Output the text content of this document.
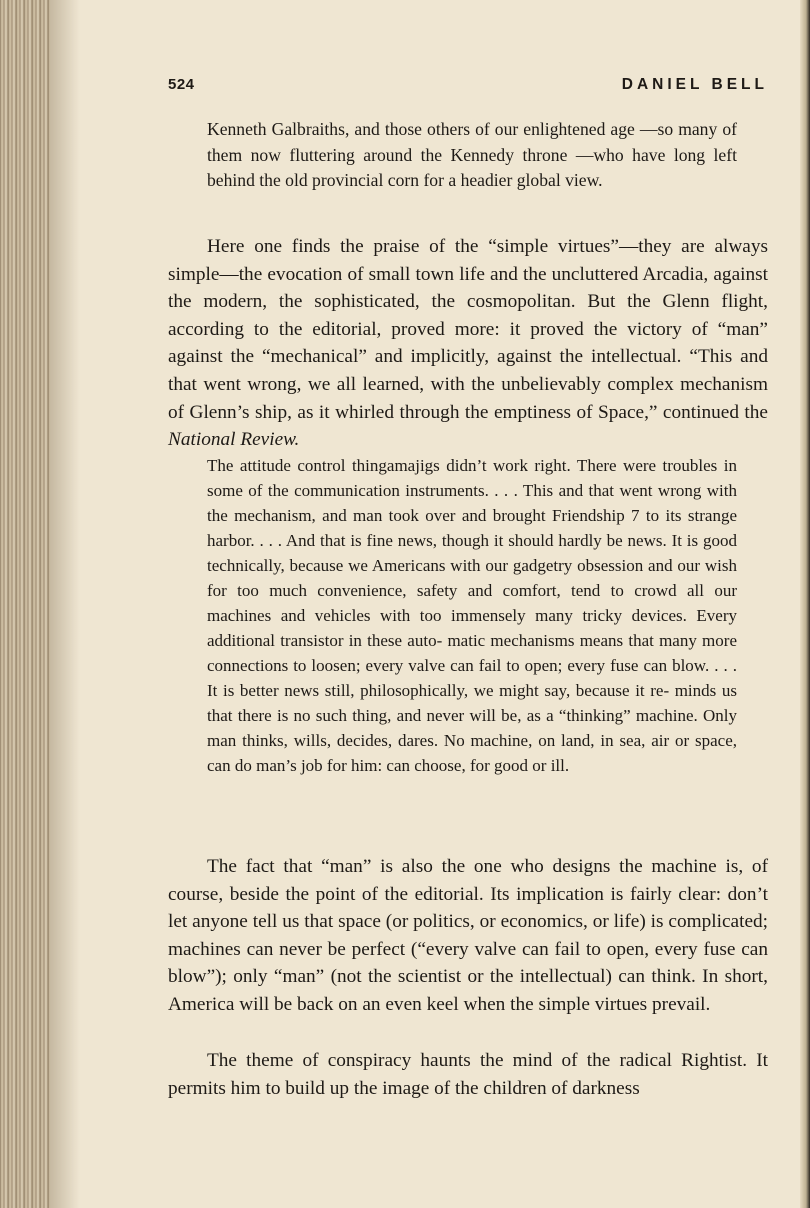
524	DANIEL BELL

Kenneth Galbraiths, and those others of our enlightened age —so many of them now fluttering around the Kennedy throne —who have long left behind the old provincial corn for a headier global view.

Here one finds the praise of the “simple virtues”—they are always simple—the evocation of small town life and the uncluttered Arcadia, against the modern, the sophisticated, the cosmopolitan. But the Glenn flight, according to the editorial, proved more: it proved the victory of “man” against the “mechanical” and implicitly, against the intellectual. “This and that went wrong, we all learned, with the unbelievably complex mechanism of Glenn’s ship, as it whirled through the emptiness of Space,” continued the National Review.

The attitude control thingamajigs didn’t work right. There were troubles in some of the communication instruments. . . . This and that went wrong with the mechanism, and man took over and brought Friendship 7 to its strange harbor. . . . And that is fine news, though it should hardly be news. It is good technically, because we Americans with our gadgetry obsession and our wish for too much convenience, safety and comfort, tend to crowd all our machines and vehicles with too immensely many tricky devices. Every additional transistor in these auto- matic mechanisms means that many more connections to loosen; every valve can fail to open; every fuse can blow. . . . It is better news still, philosophically, we might say, because it re- minds us that there is no such thing, and never will be, as a “thinking” machine. Only man thinks, wills, decides, dares. No machine, on land, in sea, air or space, can do man’s job for him: can choose, for good or ill.

The fact that “man” is also the one who designs the machine is, of course, beside the point of the editorial. Its implication is fairly clear: don’t let anyone tell us that space (or politics, or economics, or life) is complicated; machines can never be perfect (“every valve can fail to open, every fuse can blow”); only “man” (not the scientist or the intellectual) can think. In short, America will be back on an even keel when the simple virtues prevail.

The theme of conspiracy haunts the mind of the radical Rightist. It permits him to build up the image of the children of darkness
